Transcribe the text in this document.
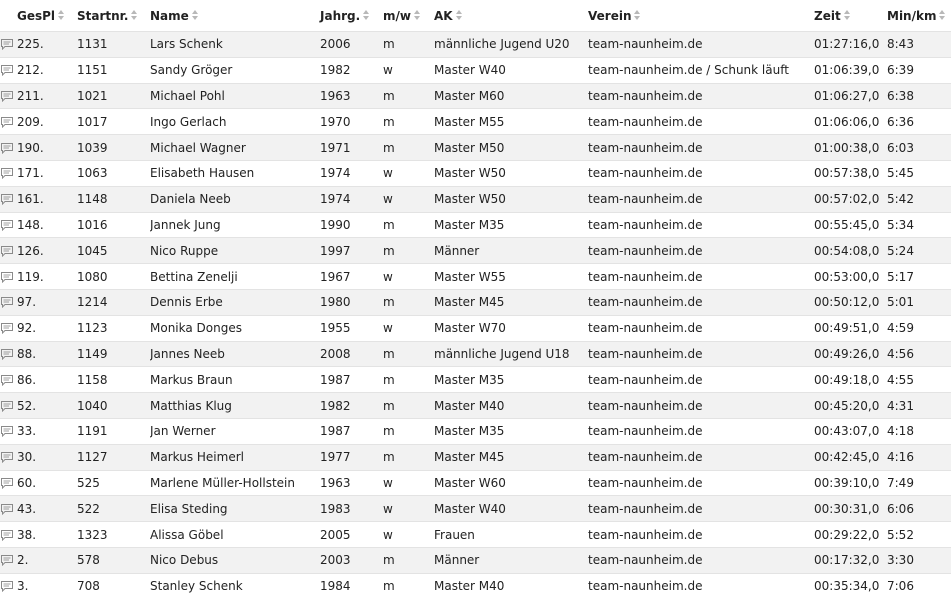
	GesPl	Startnr.	Name	Jahrg.	m/w	AK	Verein	Zeit	Min/km

	225.	1131	Lars Schenk	2006	m	männliche Jugend U20	team-naunheim.de	01:27:16,0	8:43

	212.	1151	Sandy Gröger	1982	w	Master W40	team-naunheim.de / Schunk läuft	01:06:39,0	6:39

	211.	1021	Michael Pohl	1963	m	Master M60	team-naunheim.de	01:06:27,0	6:38

	209.	1017	Ingo Gerlach	1970	m	Master M55	team-naunheim.de	01:06:06,0	6:36

	190.	1039	Michael Wagner	1971	m	Master M50	team-naunheim.de	01:00:38,0	6:03

	171.	1063	Elisabeth Hausen	1974	w	Master W50	team-naunheim.de	00:57:38,0	5:45

	161.	1148	Daniela Neeb	1974	w	Master W50	team-naunheim.de	00:57:02,0	5:42

	148.	1016	Jannek Jung	1990	m	Master M35	team-naunheim.de	00:55:45,0	5:34

	126.	1045	Nico Ruppe	1997	m	Männer	team-naunheim.de	00:54:08,0	5:24

	119.	1080	Bettina Zenelji	1967	w	Master W55	team-naunheim.de	00:53:00,0	5:17

	97.	1214	Dennis Erbe	1980	m	Master M45	team-naunheim.de	00:50:12,0	5:01

	92.	1123	Monika Donges	1955	w	Master W70	team-naunheim.de	00:49:51,0	4:59

	88.	1149	Jannes Neeb	2008	m	männliche Jugend U18	team-naunheim.de	00:49:26,0	4:56

	86.	1158	Markus Braun	1987	m	Master M35	team-naunheim.de	00:49:18,0	4:55

	52.	1040	Matthias Klug	1982	m	Master M40	team-naunheim.de	00:45:20,0	4:31

	33.	1191	Jan Werner	1987	m	Master M35	team-naunheim.de	00:43:07,0	4:18

	30.	1127	Markus Heimerl	1977	m	Master M45	team-naunheim.de	00:42:45,0	4:16

	60.	525	Marlene Müller-Hollstein	1963	w	Master W60	team-naunheim.de	00:39:10,0	7:49

	43.	522	Elisa Steding	1983	w	Master W40	team-naunheim.de	00:30:31,0	6:06

	38.	1323	Alissa Göbel	2005	w	Frauen	team-naunheim.de	00:29:22,0	5:52

	2.	578	Nico Debus	2003	m	Männer	team-naunheim.de	00:17:32,0	3:30

	3.	708	Stanley Schenk	1984	m	Master M40	team-naunheim.de	00:35:34,0	7:06
